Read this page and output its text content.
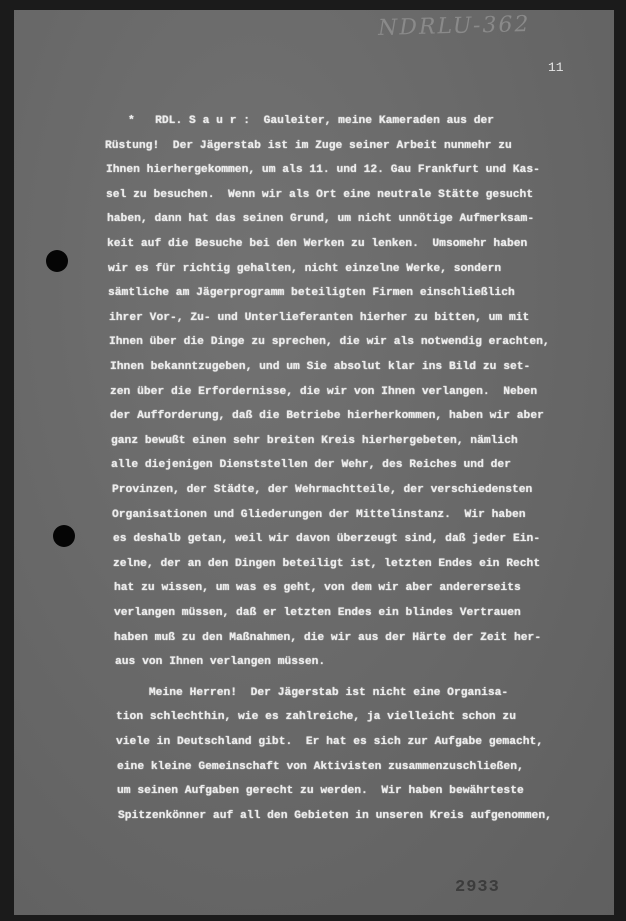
NDRLU-362
11
*   RDL. S a u r :  Gauleiter, meine Kameraden aus der
Rüstung!  Der Jägerstab ist im Zuge seiner Arbeit nunmehr zu
Ihnen hierhergekommen, um als 11. und 12. Gau Frankfurt und Kas-
sel zu besuchen.  Wenn wir als Ort eine neutrale Stätte gesucht
haben, dann hat das seinen Grund, um nicht unnötige Aufmerksam-
keit auf die Besuche bei den Werken zu lenken.  Umsomehr haben
wir es für richtig gehalten, nicht einzelne Werke, sondern
sämtliche am Jägerprogramm beteiligten Firmen einschließlich
ihrer Vor-, Zu- und Unterlieferanten hierher zu bitten, um mit
Ihnen über die Dinge zu sprechen, die wir als notwendig erachten,
Ihnen bekanntzugeben, und um Sie absolut klar ins Bild zu set-
zen über die Erfordernisse, die wir von Ihnen verlangen.  Neben
der Aufforderung, daß die Betriebe hierherkommen, haben wir aber
ganz bewußt einen sehr breiten Kreis hierhergebeten, nämlich
alle diejenigen Dienststellen der Wehr, des Reiches und der
Provinzen, der Städte, der Wehrmachtteile, der verschiedensten
Organisationen und Gliederungen der Mittelinstanz.  Wir haben
es deshalb getan, weil wir davon überzeugt sind, daß jeder Ein-
zelne, der an den Dingen beteiligt ist, letzten Endes ein Recht
hat zu wissen, um was es geht, von dem wir aber andererseits
verlangen müssen, daß er letzten Endes ein blindes Vertrauen
haben muß zu den Maßnahmen, die wir aus der Härte der Zeit her-
aus von Ihnen verlangen müssen.
Meine Herren!  Der Jägerstab ist nicht eine Organisa-
tion schlechthin, wie es zahlreiche, ja vielleicht schon zu
viele in Deutschland gibt.  Er hat es sich zur Aufgabe gemacht,
eine kleine Gemeinschaft von Aktivisten zusammenzuschließen,
um seinen Aufgaben gerecht zu werden.  Wir haben bewährteste
Spitzenkönner auf all den Gebieten in unseren Kreis aufgenommen,
2933
